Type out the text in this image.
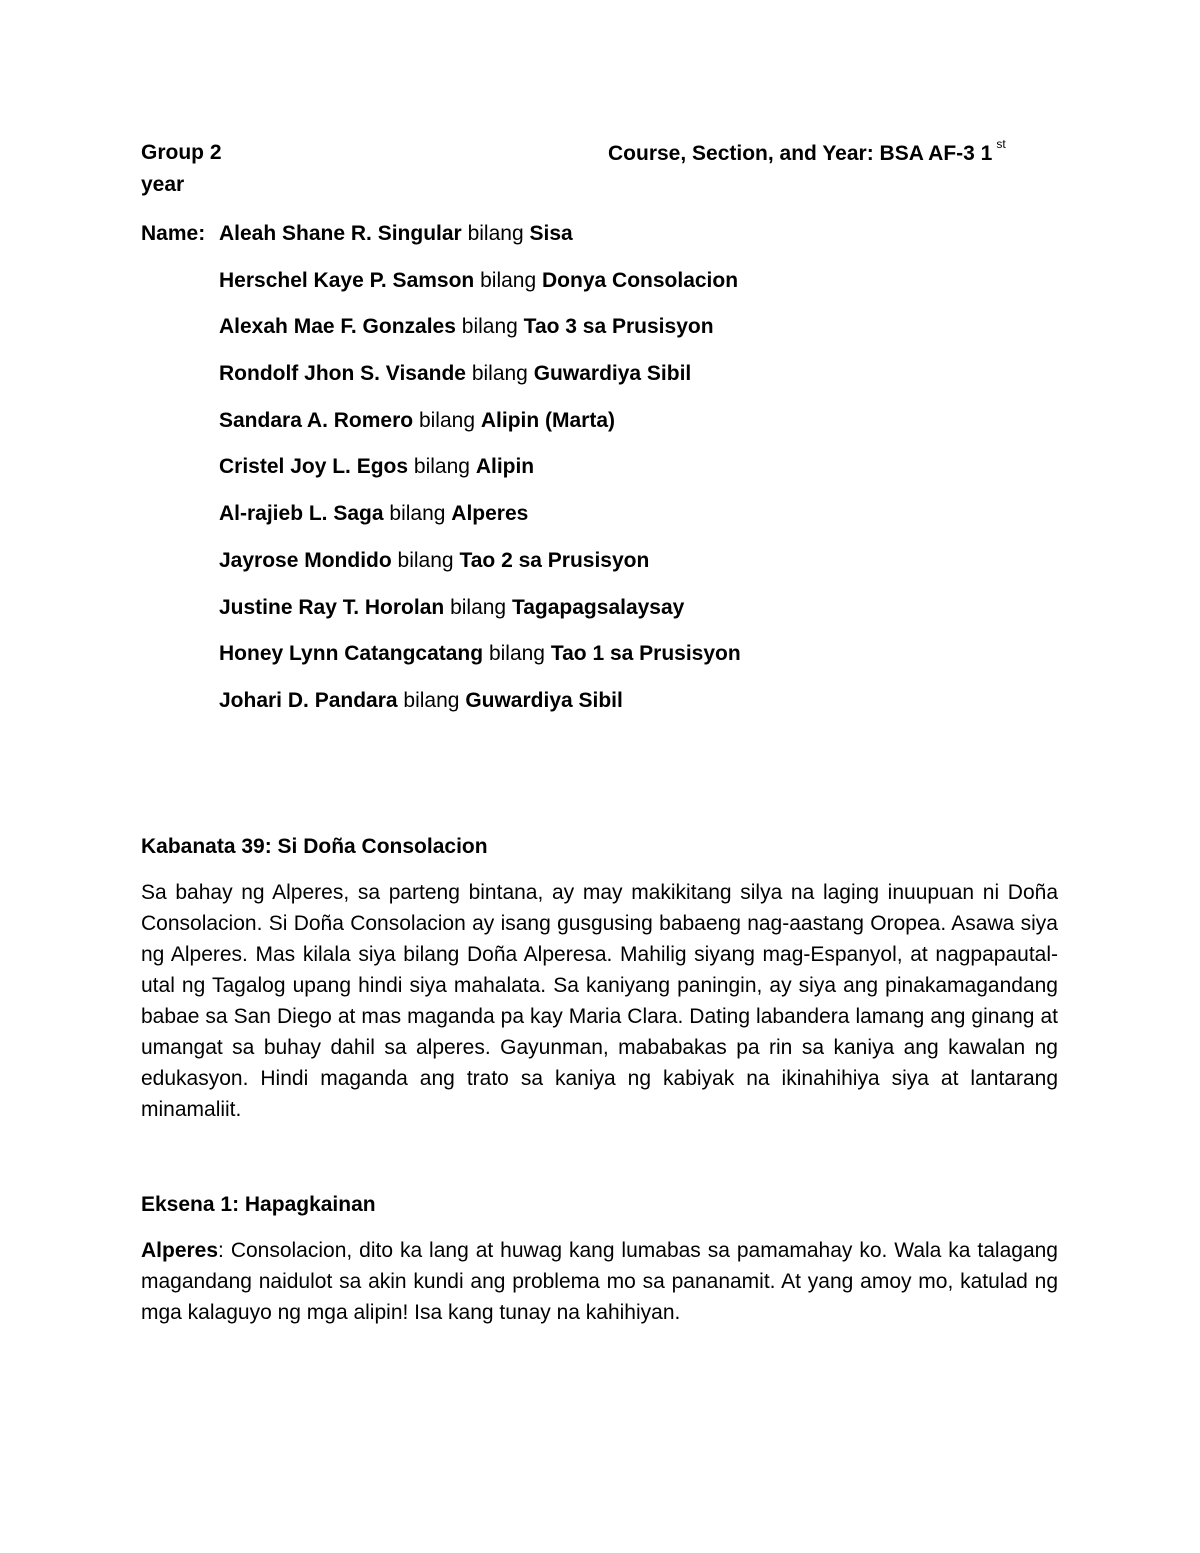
Group 2	Course, Section, and Year: BSA AF-3 1 $^{st}$
year
Name: Aleah Shane R. Singular bilang Sisa
Herschel Kaye P. Samson bilang Donya Consolacion
Alexah Mae F. Gonzales bilang Tao 3 sa Prusisyon
Rondolf Jhon S. Visande bilang Guwardiya Sibil
Sandara A. Romero bilang Alipin (Marta)
Cristel Joy L. Egos bilang Alipin
Al-rajieb L. Saga bilang Alperes
Jayrose Mondido bilang Tao 2 sa Prusisyon
Justine Ray T. Horolan bilang Tagapagsalaysay
Honey Lynn Catangcatang bilang Tao 1 sa Prusisyon
Johari D. Pandara bilang Guwardiya Sibil
Kabanata 39: Si Doña Consolacion
Sa bahay ng Alperes, sa parteng bintana, ay may makikitang silya na laging inuupuan ni Doña Consolacion. Si Doña Consolacion ay isang gusgusing babaeng nag-aastang Oropea. Asawa siya ng Alperes. Mas kilala siya bilang Doña Alperesa. Mahilig siyang mag-Espanyol, at nagpapautal-utal ng Tagalog upang hindi siya mahalata. Sa kaniyang paningin, ay siya ang pinakamagandang babae sa San Diego at mas maganda pa kay Maria Clara. Dating labandera lamang ang ginang at umangat sa buhay dahil sa alperes. Gayunman, mababakas pa rin sa kaniya ang kawalan ng edukasyon. Hindi maganda ang trato sa kaniya ng kabiyak na ikinahihiya siya at lantarang minamaliit.
Eksena 1: Hapagkainan
Alperes: Consolacion, dito ka lang at huwag kang lumabas sa pamamahay ko. Wala ka talagang magandang naidulot sa akin kundi ang problema mo sa pananamit. At yang amoy mo, katulad ng mga kalaguyo ng mga alipin! Isa kang tunay na kahihiyan.
